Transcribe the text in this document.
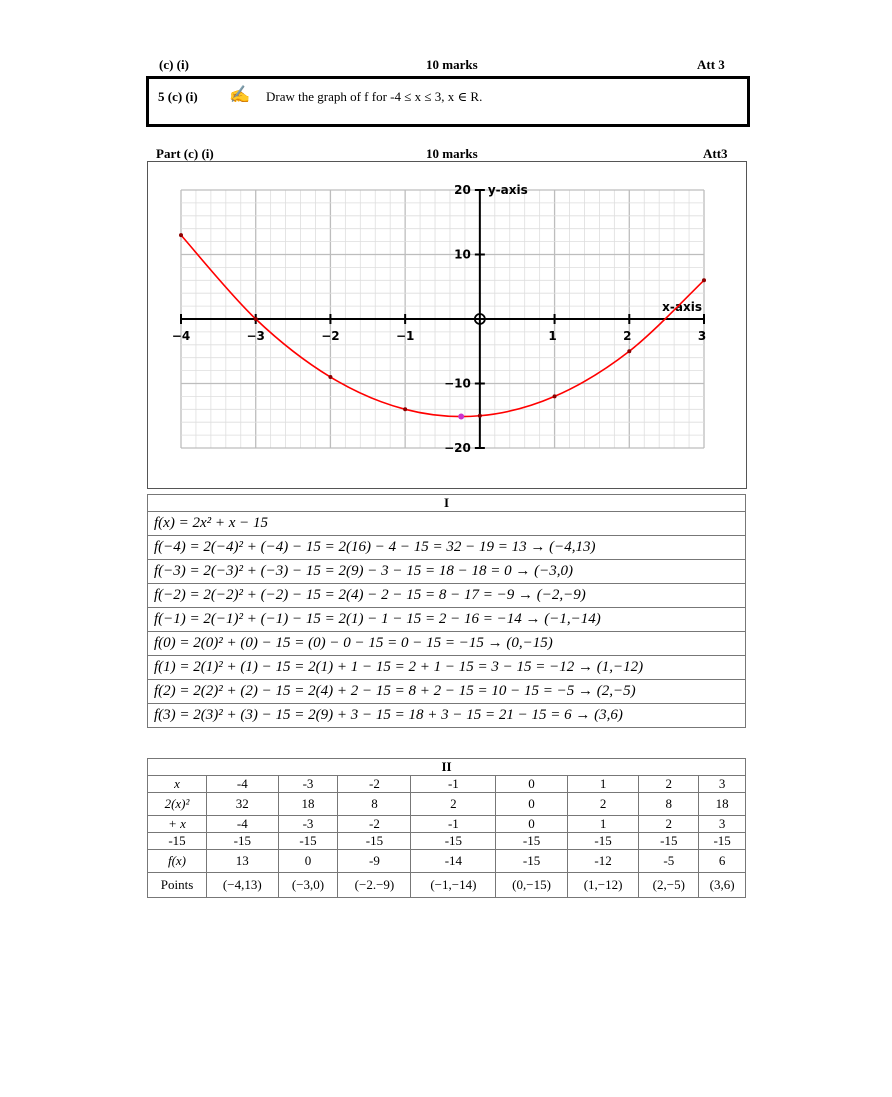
(c) (i)	10 marks	Att 3
5 (c) (i) ✍ Draw the graph of f for -4 ≤ x ≤ 3, x ∈ R.
Part (c) (i)	10 marks	Att3
−4	−3	−2	−1	1	2	3
20
10
−10
−20
x-axis
y-axis
I
f(x) = 2x² + x − 15
f(−4) = 2(−4)² + (−4) − 15 = 2(16) − 4 − 15 = 32 − 19 = 13 → (−4,13)
f(−3) = 2(−3)² + (−3) − 15 = 2(9) − 3 − 15 = 18 − 18 = 0 → (−3,0)
f(−2) = 2(−2)² + (−2) − 15 = 2(4) − 2 − 15 = 8 − 17 = −9 → (−2,−9)
f(−1) = 2(−1)² + (−1) − 15 = 2(1) − 1 − 15 = 2 − 16 = −14 → (−1,−14)
f(0) = 2(0)² + (0) − 15 = (0) − 0 − 15 = 0 − 15 = −15 → (0,−15)
f(1) = 2(1)² + (1) − 15 = 2(1) + 1 − 15 = 2 + 1 − 15 = 3 − 15 = −12 → (1,−12)
f(2) = 2(2)² + (2) − 15 = 2(4) + 2 − 15 = 8 + 2 − 15 = 10 − 15 = −5 → (2,−5)
f(3) = 2(3)² + (3) − 15 = 2(9) + 3 − 15 = 18 + 3 − 15 = 21 − 15 = 6 → (3,6)
II								
x	-4	-3	-2	-1	0	1	2	3
2(x)²	32	18	8	2	0	2	8	18
+ x	-4	-3	-2	-1	0	1	2	3
-15	-15	-15	-15	-15	-15	-15	-15	-15
f(x)	13	0	-9	-14	-15	-12	-5	6
Points	(−4,13)	(−3,0)	(−2.−9)	(−1,−14)	(0,−15)	(1,−12)	(2,−5)	(3,6)
